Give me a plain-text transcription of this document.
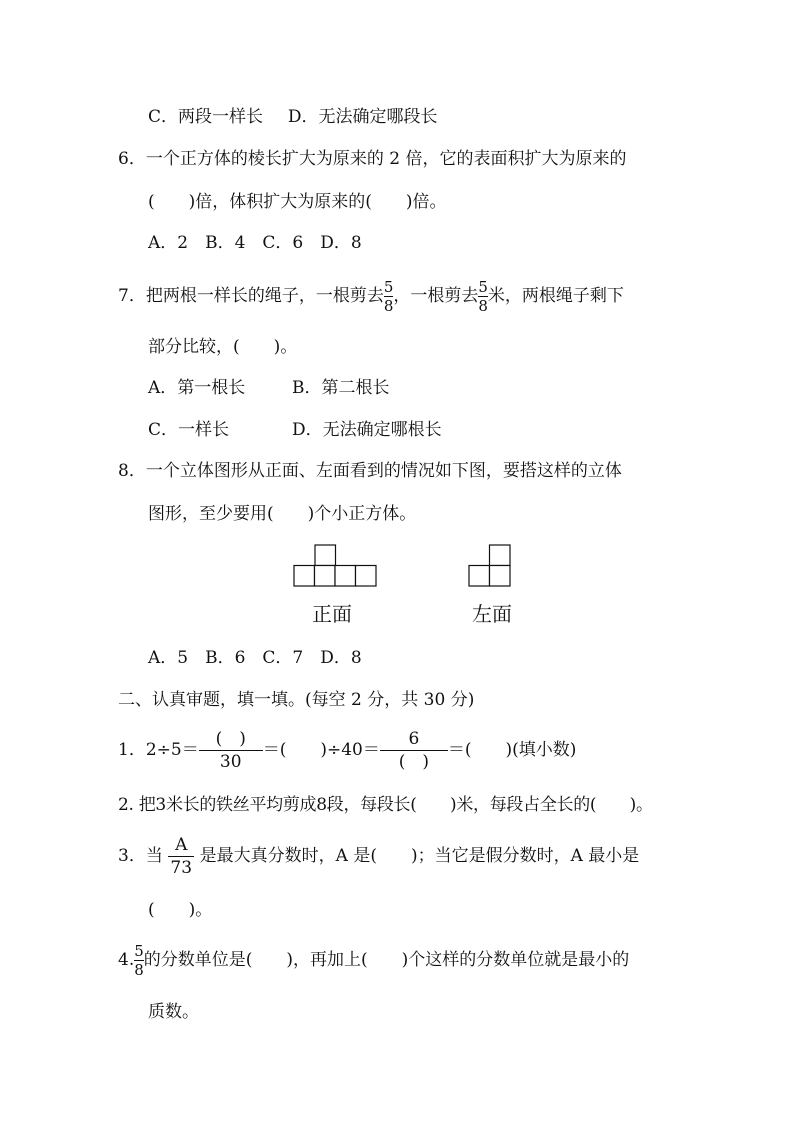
C．两段一样长 D．无法确定哪段长
6．一个正方体的棱长扩大为原来的 2 倍，它的表面积扩大为原来的
(　　)倍，体积扩大为原来的(　　)倍。
A．2　B．4　C．6　D．8
7．把两根一样长的绳子，一根剪去 $\frac{5}{8}$ ，一根剪去 $\frac{5}{8}$ 米，两根绳子剩下
部分比较，(　　)。
A．第一根长	B．第二根长
C．一样长	D．无法确定哪根长
8．一个立体图形从正面、左面看到的情况如下图，要搭这样的立体
图形，至少要用(　　)个小正方体。
正面	左面
A．5　B．6　C．7　D．8
二、认真审题，填一填。(每空 2 分，共 30 分)
1．$2\div 5= \frac{( )}{30}$ ＝(　　)$\div 40= \frac{6}{( )}$ ＝(　　)(填小数)
2. 把3米长的铁丝平均剪成8段，每段长(　　)米，每段占全长的(　　)。
3．当 $\frac{A}{73}$ 是最大真分数时，A 是(　　)；当它是假分数时，A 最小是
(　　)。
4. $\frac{5}{8}$ 的分数单位是(　　)，再加上(　　)个这样的分数单位就是最小的
质数。
